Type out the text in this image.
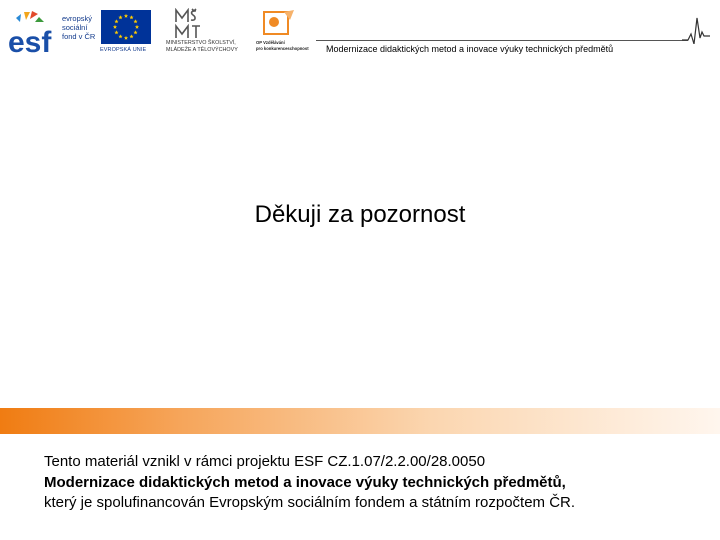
esf
evropský
sociální
fond v ČR
EVROPSKÁ UNIE
MINISTERSTVO ŠKOLSTVÍ,
MLÁDEŽE A TĚLOVÝCHOVY
OP Vzdělávání
pro konkurenceschopnost Modernizace didaktických metod a inovace výuky technických předmětů
Děkuji za pozornost
Tento materiál vznikl v rámci projektu ESF CZ.1.07/2.2.00/28.0050
Modernizace didaktických metod a inovace výuky technických předmětů,
který je spolufinancován Evropským sociálním fondem a státním rozpočtem ČR.
